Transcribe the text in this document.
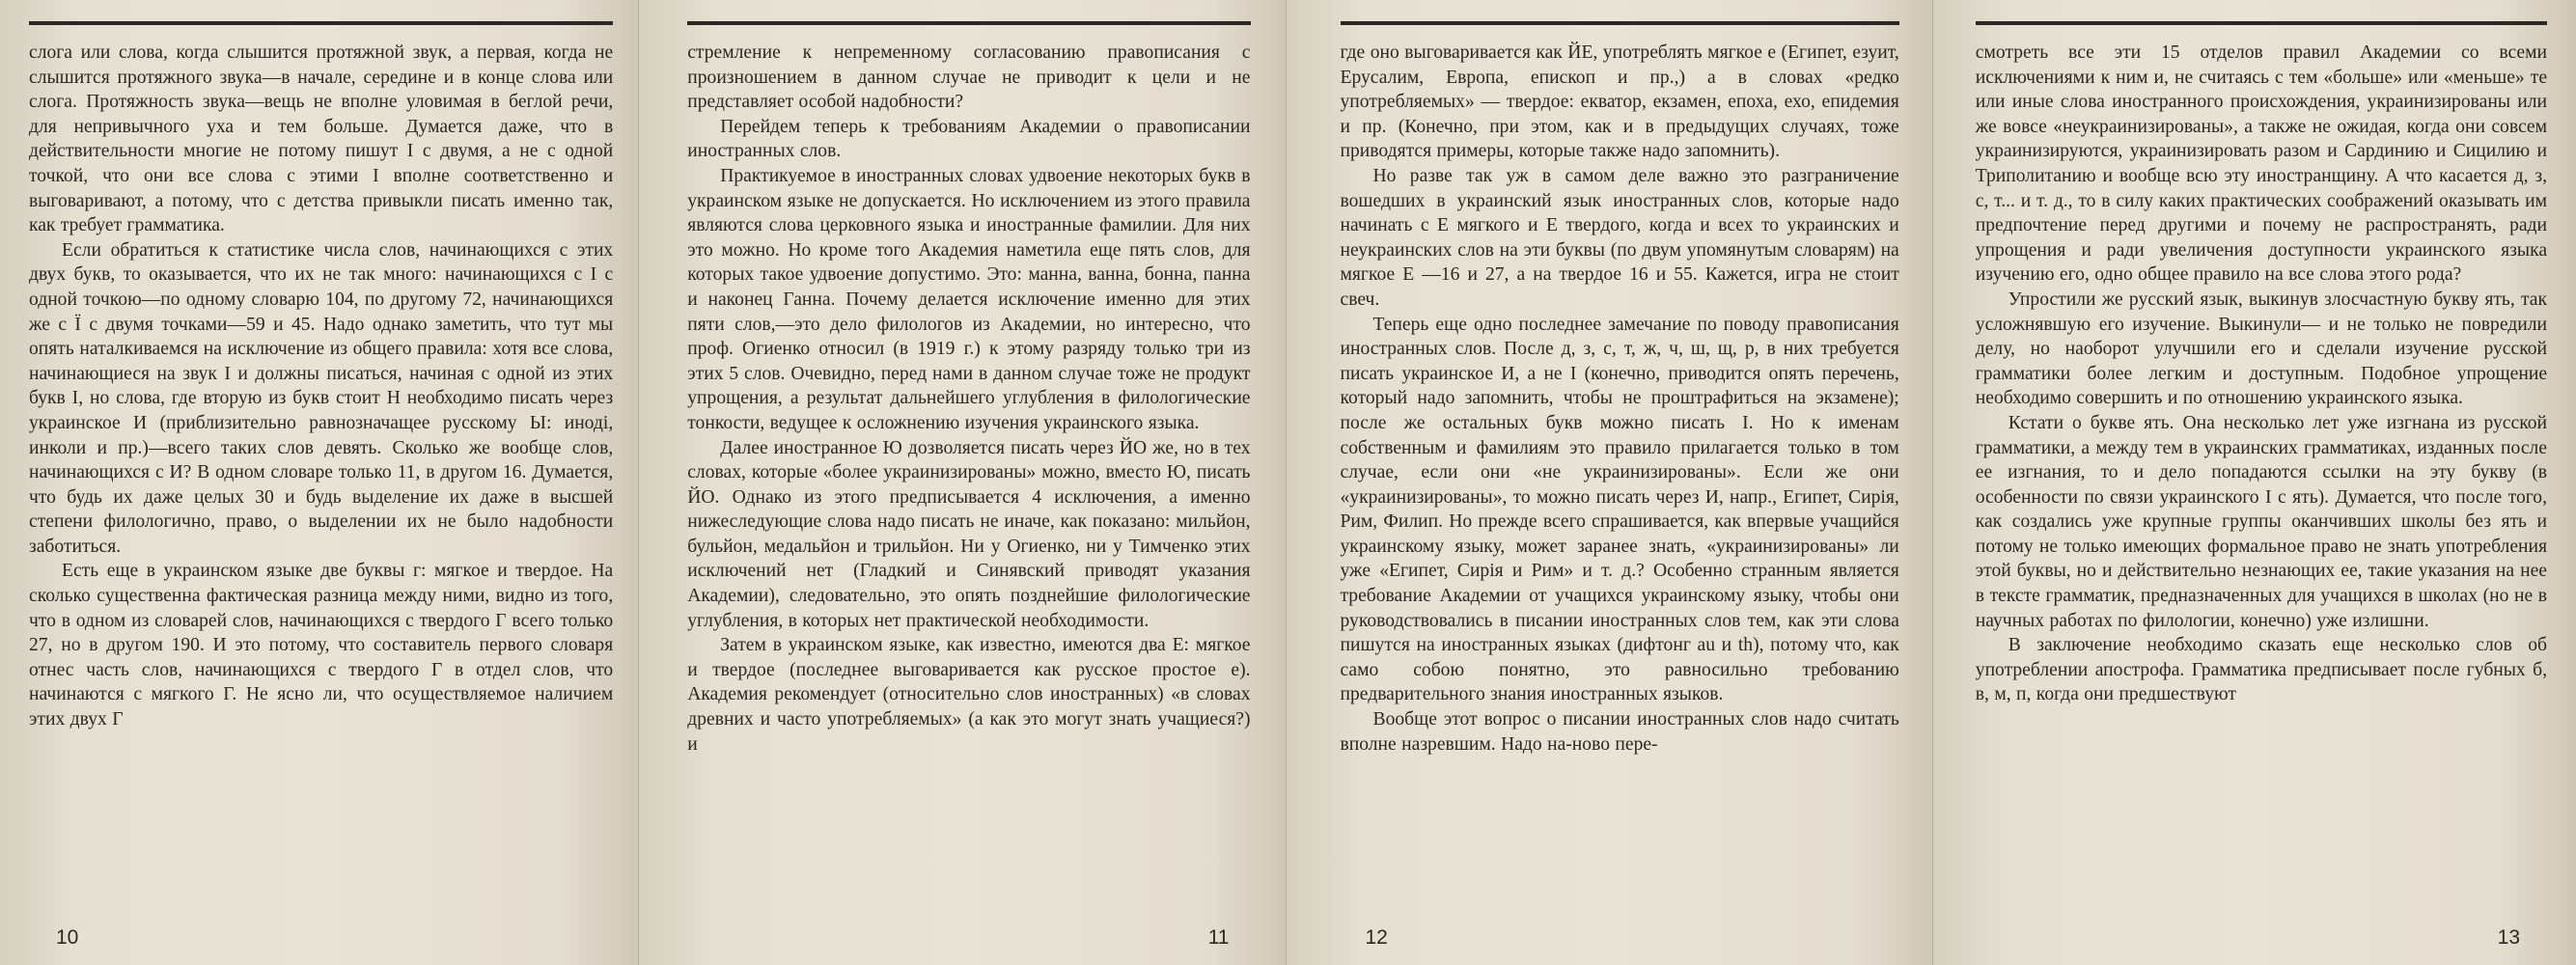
слога или слова, когда слышится протяжной звук, а первая, когда не слышится протяжного звука—в начале, середине и в конце слова или слога. Протяжность звука—вещь не вполне уловимая в беглой речи, для непривычного уха и тем больше. Думается даже, что в действительности многие не потому пишут І с двумя, а не с одной точкой, что они все слова с этими І вполне соответственно и выговаривают, а потому, что с детства привыкли писать именно так, как требует грамматика.

Если обратиться к статистике числа слов, начинающихся с этих двух букв, то оказывается, что их не так много: начинающихся с І с одной точкою—по одному словарю 104, по другому 72, начинающихся же с Ї с двумя точками—59 и 45. Надо однако заметить, что тут мы опять наталкиваемся на исключение из общего правила: хотя все слова, начинающиеся на звук І и должны писаться, начиная с одной из этих букв І, но слова, где вторую из букв стоит Н необходимо писать через украинское И (приблизительно равнозначащее русскому Ы: иноді, инколи и пр.)—всего таких слов девять. Сколько же вообще слов, начинающихся с И? В одном словаре только 11, в другом 16. Думается, что будь их даже целых 30 и будь выделение их даже в высшей степени филологично, право, о выделении их не было надобности заботиться.

Есть еще в украинском языке две буквы г: мягкое и твердое. На сколько существенна фактическая разница между ними, видно из того, что в одном из словарей слов, начинающихся с твердого Г всего только 27, но в другом 190. И это потому, что составитель первого словаря отнес часть слов, начинающихся с твердого Г в отдел слов, что начинаются с мягкого Г. Не ясно ли, что осуществляемое наличием этих двух Г

10

стремление к непременному согласованию правописания с произношением в данном случае не приводит к цели и не представляет особой надобности?

Перейдем теперь к требованиям Академии о правописании иностранных слов.

Практикуемое в иностранных словах удвоение некоторых букв в украинском языке не допускается. Но исключением из этого правила являются слова церковного языка и иностранные фамилии. Для них это можно. Но кроме того Академия наметила еще пять слов, для которых такое удвоение допустимо. Это: манна, ванна, бонна, панна и наконец Ганна. Почему делается исключение именно для этих пяти слов,—это дело филологов из Академии, но интересно, что проф. Огиенко относил (в 1919 г.) к этому разряду только три из этих 5 слов. Очевидно, перед нами в данном случае тоже не продукт упрощения, а результат дальнейшего углубления в филологические тонкости, ведущее к осложнению изучения украинского языка.

Далее иностранное Ю дозволяется писать через ЙО же, но в тех словах, которые «более украинизированы» можно, вместо Ю, писать ЙО. Однако из этого предписывается 4 исключения, а именно нижеследующие слова надо писать не иначе, как показано: мильйон, бульйон, медальйон и трильйон. Ни у Огиенко, ни у Тимченко этих исключений нет (Гладкий и Синявский приводят указания Академии), следовательно, это опять позднейшие филологические углубления, в которых нет практической необходимости.

Затем в украинском языке, как известно, имеются два Е: мягкое и твердое (последнее выговаривается как русское простое е). Академия рекомендует (относительно слов иностранных) «в словах древних и часто употребляемых» (а как это могут знать учащиеся?) и

11

где оно выговаривается как ЙЕ, употреблять мягкое е (Египет, езуит, Ерусалим, Европа, епископ и пр.,) а в словах «редко употребляемых» — твердое: екватор, екзамен, епоха, ехо, епидемия и пр. (Конечно, при этом, как и в предыдущих случаях, тоже приводятся примеры, которые также надо запомнить).

Но разве так уж в самом деле важно это разграничение вошедших в украинский язык иностранных слов, которые надо начинать с Е мягкого и Е твердого, когда и всех то украинских и неукраинских слов на эти буквы (по двум упомянутым словарям) на мягкое Е —16 и 27, а на твердое 16 и 55. Кажется, игра не стоит свеч.

Теперь еще одно последнее замечание по поводу правописания иностранных слов. После д, з, с, т, ж, ч, ш, щ, р, в них требуется писать украинское И, а не І (конечно, приводится опять перечень, который надо запомнить, чтобы не проштрафиться на экзамене); после же остальных букв можно писать І. Но к именам собственным и фамилиям это правило прилагается только в том случае, если они «не украинизированы». Если же они «украинизированы», то можно писать через И, напр., Египет, Сирія, Рим, Филип. Но прежде всего спрашивается, как впервые учащийся украинскому языку, может заранее знать, «украинизированы» ли уже «Египет, Сирія и Рим» и т. д.? Особенно странным является требование Академии от учащихся украинскому языку, чтобы они руководствовались в писании иностранных слов тем, как эти слова пишутся на иностранных языках (дифтонг au и th), потому что, как само собою понятно, это равносильно требованию предварительного знания иностранных языков.

Вообще этот вопрос о писании иностранных слов надо считать вполне назревшим. Надо на-ново пере-

12

смотреть все эти 15 отделов правил Академии со всеми исключениями к ним и, не считаясь с тем «больше» или «меньше» те или иные слова иностранного происхождения, украинизированы или же вовсе «неукраинизированы», а также не ожидая, когда они совсем украинизируются, украинизировать разом и Сардинию и Сицилию и Триполитанию и вообще всю эту иностранщину. А что касается д, з, с, т... и т. д., то в силу каких практических соображений оказывать им предпочтение перед другими и почему не распространять, ради упрощения и ради увеличения доступности украинского языка изучению его, одно общее правило на все слова этого рода?

Упростили же русский язык, выкинув злосчастную букву ять, так усложнявшую его изучение. Выкинули— и не только не повредили делу, но наоборот улучшили его и сделали изучение русской грамматики более легким и доступным. Подобное упрощение необходимо совершить и по отношению украинского языка.

Кстати о букве ять. Она несколько лет уже изгнана из русской грамматики, а между тем в украинских грамматиках, изданных после ее изгнания, то и дело попадаются ссылки на эту букву (в особенности по связи украинского І с ять). Думается, что после того, как создались уже крупные группы оканчивших школы без ять и потому не только имеющих формальное право не знать употребления этой буквы, но и действительно незнающих ее, такие указания на нее в тексте грамматик, предназначенных для учащихся в школах (но не в научных работах по филологии, конечно) уже излишни.

В заключение необходимо сказать еще несколько слов об употреблении апострофа. Грамматика предписывает после губных б, в, м, п, когда они предшествуют

13
